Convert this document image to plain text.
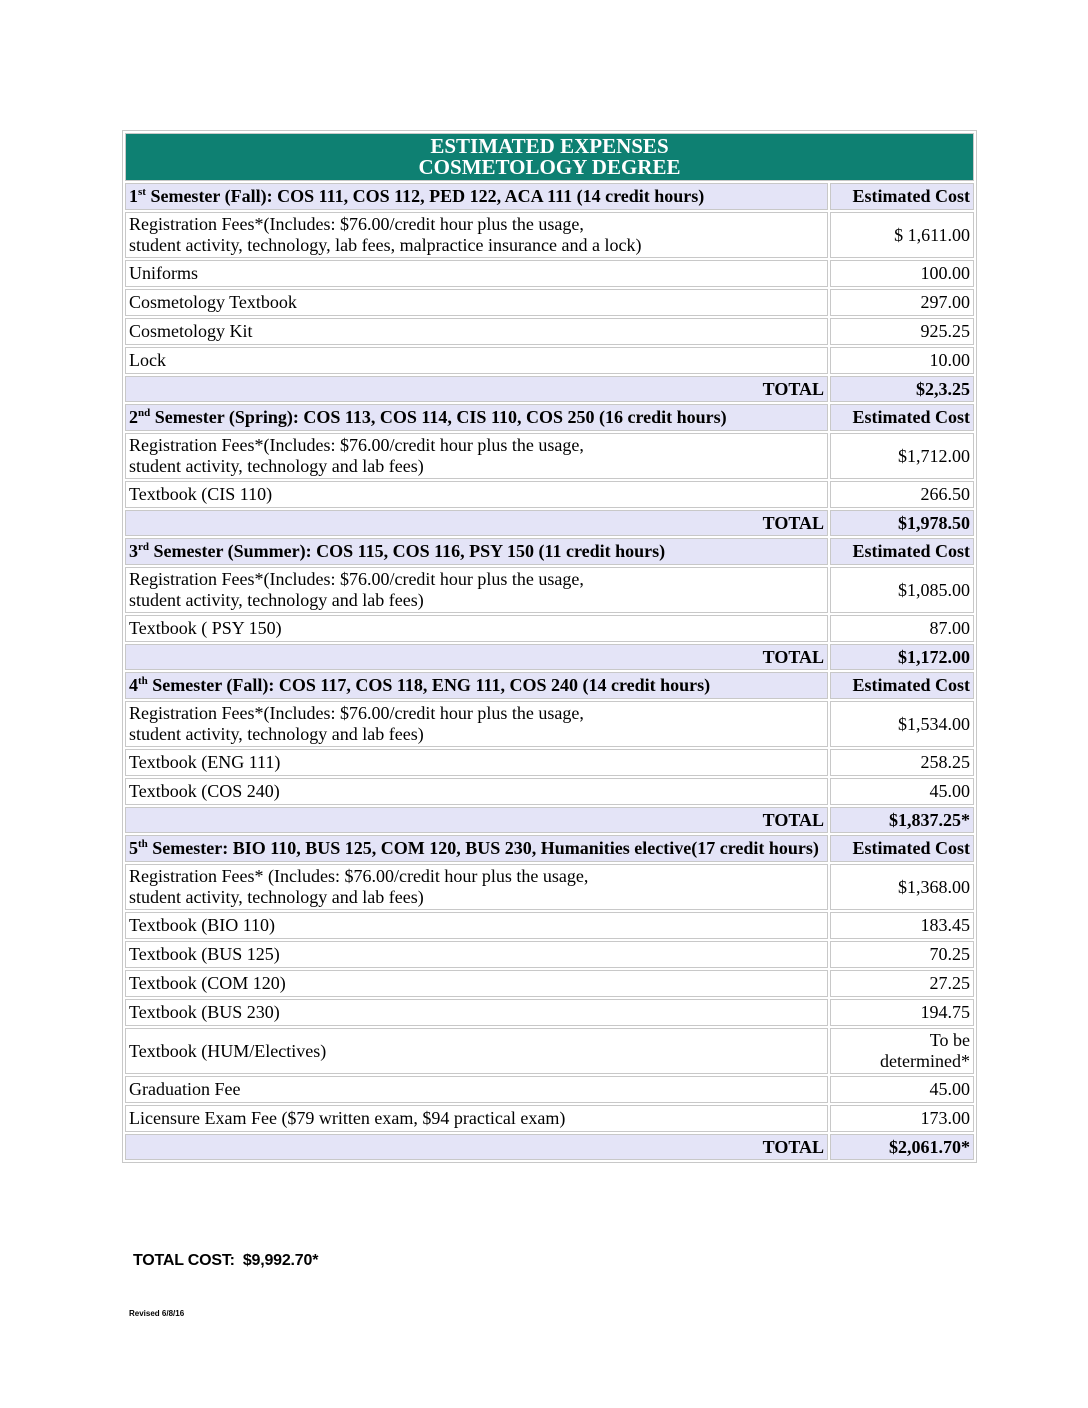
ESTIMATED EXPENSES
COSMETOLOGY DEGREE	

1st Semester (Fall): COS 111, COS 112, PED 122, ACA 111 (14 credit hours)	Estimated Cost

Registration Fees*(Includes: $76.00/credit hour plus the usage,
student activity, technology, lab fees, malpractice insurance and a lock)	$ 1,611.00

Uniforms	100.00

Cosmetology Textbook	297.00

Cosmetology Kit	925.25

Lock	10.00
TOTAL	$2,3.25
2nd Semester (Spring): COS 113, COS 114, CIS 110, COS 250 (16 credit hours)	Estimated Cost

Registration Fees*(Includes: $76.00/credit hour plus the usage,
student activity, technology and lab fees)	$1,712.00

Textbook (CIS 110)	266.50
TOTAL	$1,978.50
3rd Semester (Summer): COS 115, COS 116, PSY 150 (11 credit hours)	Estimated Cost

Registration Fees*(Includes: $76.00/credit hour plus the usage,
student activity, technology and lab fees)	$1,085.00

Textbook ( PSY 150)	87.00
TOTAL	$1,172.00
4th Semester (Fall): COS 117, COS 118, ENG 111, COS 240 (14 credit hours)	Estimated Cost

Registration Fees*(Includes: $76.00/credit hour plus the usage,
student activity, technology and lab fees)	$1,534.00

Textbook (ENG 111)	258.25

Textbook (COS 240)	45.00
TOTAL	$1,837.25*
5th Semester: BIO 110, BUS 125, COM 120, BUS 230, Humanities elective(17 credit hours)	Estimated Cost

Registration Fees* (Includes: $76.00/credit hour plus the usage,
student activity, technology and lab fees)	$1,368.00

Textbook (BIO 110)	183.45

Textbook (BUS 125)	70.25

Textbook (COM 120)	27.25

Textbook (BUS 230)	194.75

Textbook (HUM/Electives)	To be
determined*

Graduation Fee	45.00

Licensure Exam Fee ($79 written exam, $94 practical exam)	173.00
TOTAL	$2,061.70*
TOTAL COST: $9,992.70*
Revised 6/8/16
